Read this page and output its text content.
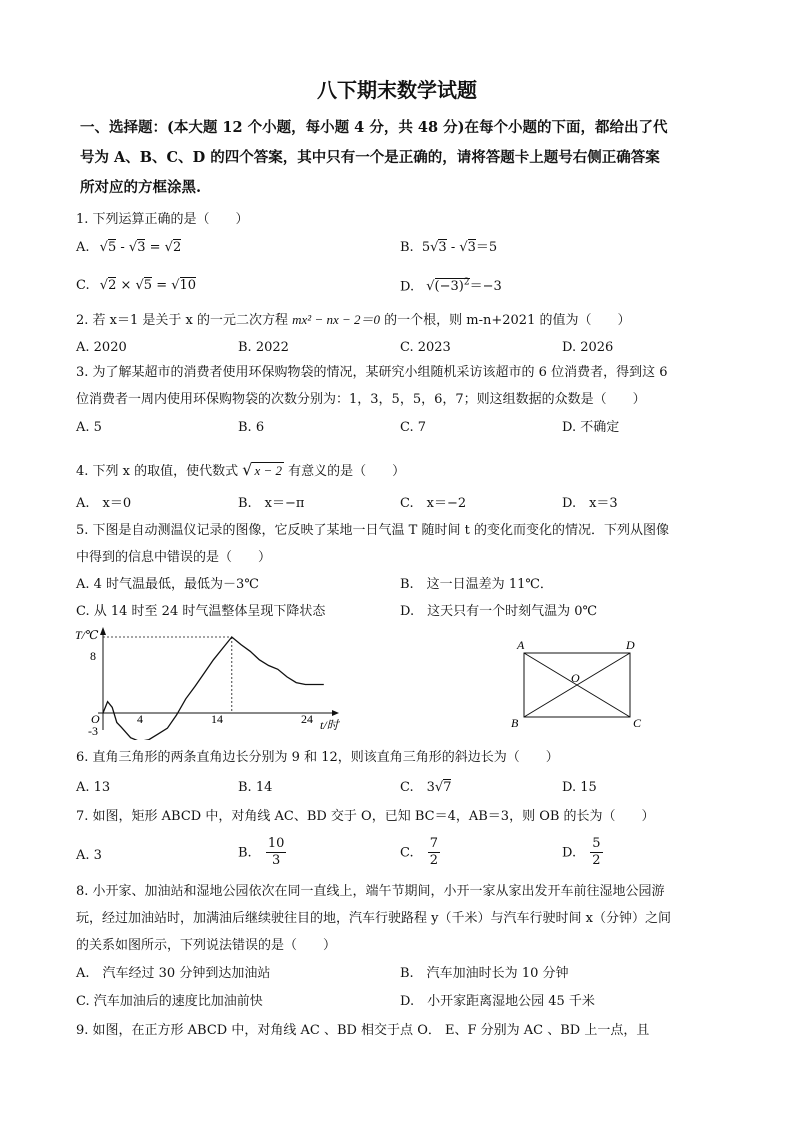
八下期末数学试题
一、选择题：(本大题 12 个小题，每小题 4 分，共 48 分)在每个小题的下面，都给出了代
号为 A、B、C、D 的四个答案，其中只有一个是正确的，请将答题卡上题号右侧正确答案
所对应的方框涂黑.
1. 下列运算正确的是（　　）
A. √5 - √3 = √2	B. 5√3 - √3＝5
C. √2 × √5 = √10	D. $√(-3)^2=-3$
2. 若 x＝1 是关于 x 的一元二次方程 mx² − nx − 2＝0 的一个根，则 m-n+2021 的值为（　　）
A. 2020	B. 2022	C. 2023	D. 2026
3. 为了解某超市的消费者使用环保购物袋的情况，某研究小组随机采访该超市的 6 位消费者，得到这 6
位消费者一周内使用环保购物袋的次数分别为：1，3，5，5，6，7；则这组数据的众数是（　　）
A. 5	B. 6	C. 7	D. 不确定
4. 下列 x 的取值，使代数式 √ x − 2 有意义的是（　　）
A.　x＝0	B.　x＝−π	C.　x＝−2	D.　x＝3
5. 下图是自动测温仪记录的图像，它反映了某地一日气温 T 随时间 t 的变化而变化的情况．下列从图像
中得到的信息中错误的是（　　）
A. 4 时气温最低，最低为－3℃	B.　这一日温差为 11℃．
C. 从 14 时至 24 时气温整体呈现下降状态	D.　这天只有一个时刻气温为 0℃
T/℃
8
-3
O	4	14	24 t/时
A	D
B	C
O
6. 直角三角形的两条直角边长分别为 9 和 12，则该直角三角形的斜边长为（　　）
A. 13	B. 14	C.　3√7	D. 15
7. 如图，矩形 ABCD 中，对角线 AC、BD 交于 O，已知 BC＝4，AB＝3，则 OB 的长为（　　）
A. 3	B. $\frac{10}{3}$	C. $\frac{7}{2}$	D. $\frac{5}{2}$
8. 小开家、加油站和湿地公园依次在同一直线上，端午节期间，小开一家从家出发开车前往湿地公园游
玩，经过加油站时，加满油后继续驶往目的地，汽车行驶路程 y（千米）与汽车行驶时间 x（分钟）之间
的关系如图所示，下列说法错误的是（　　）
A.　汽车经过 30 分钟到达加油站	B.　汽车加油时长为 10 分钟
C. 汽车加油后的速度比加油前快	D.　小开家距离湿地公园 45 千米
9. 如图，在正方形 ABCD 中，对角线 AC 、BD 相交于点 O． E、F 分别为 AC 、BD 上一点，且
